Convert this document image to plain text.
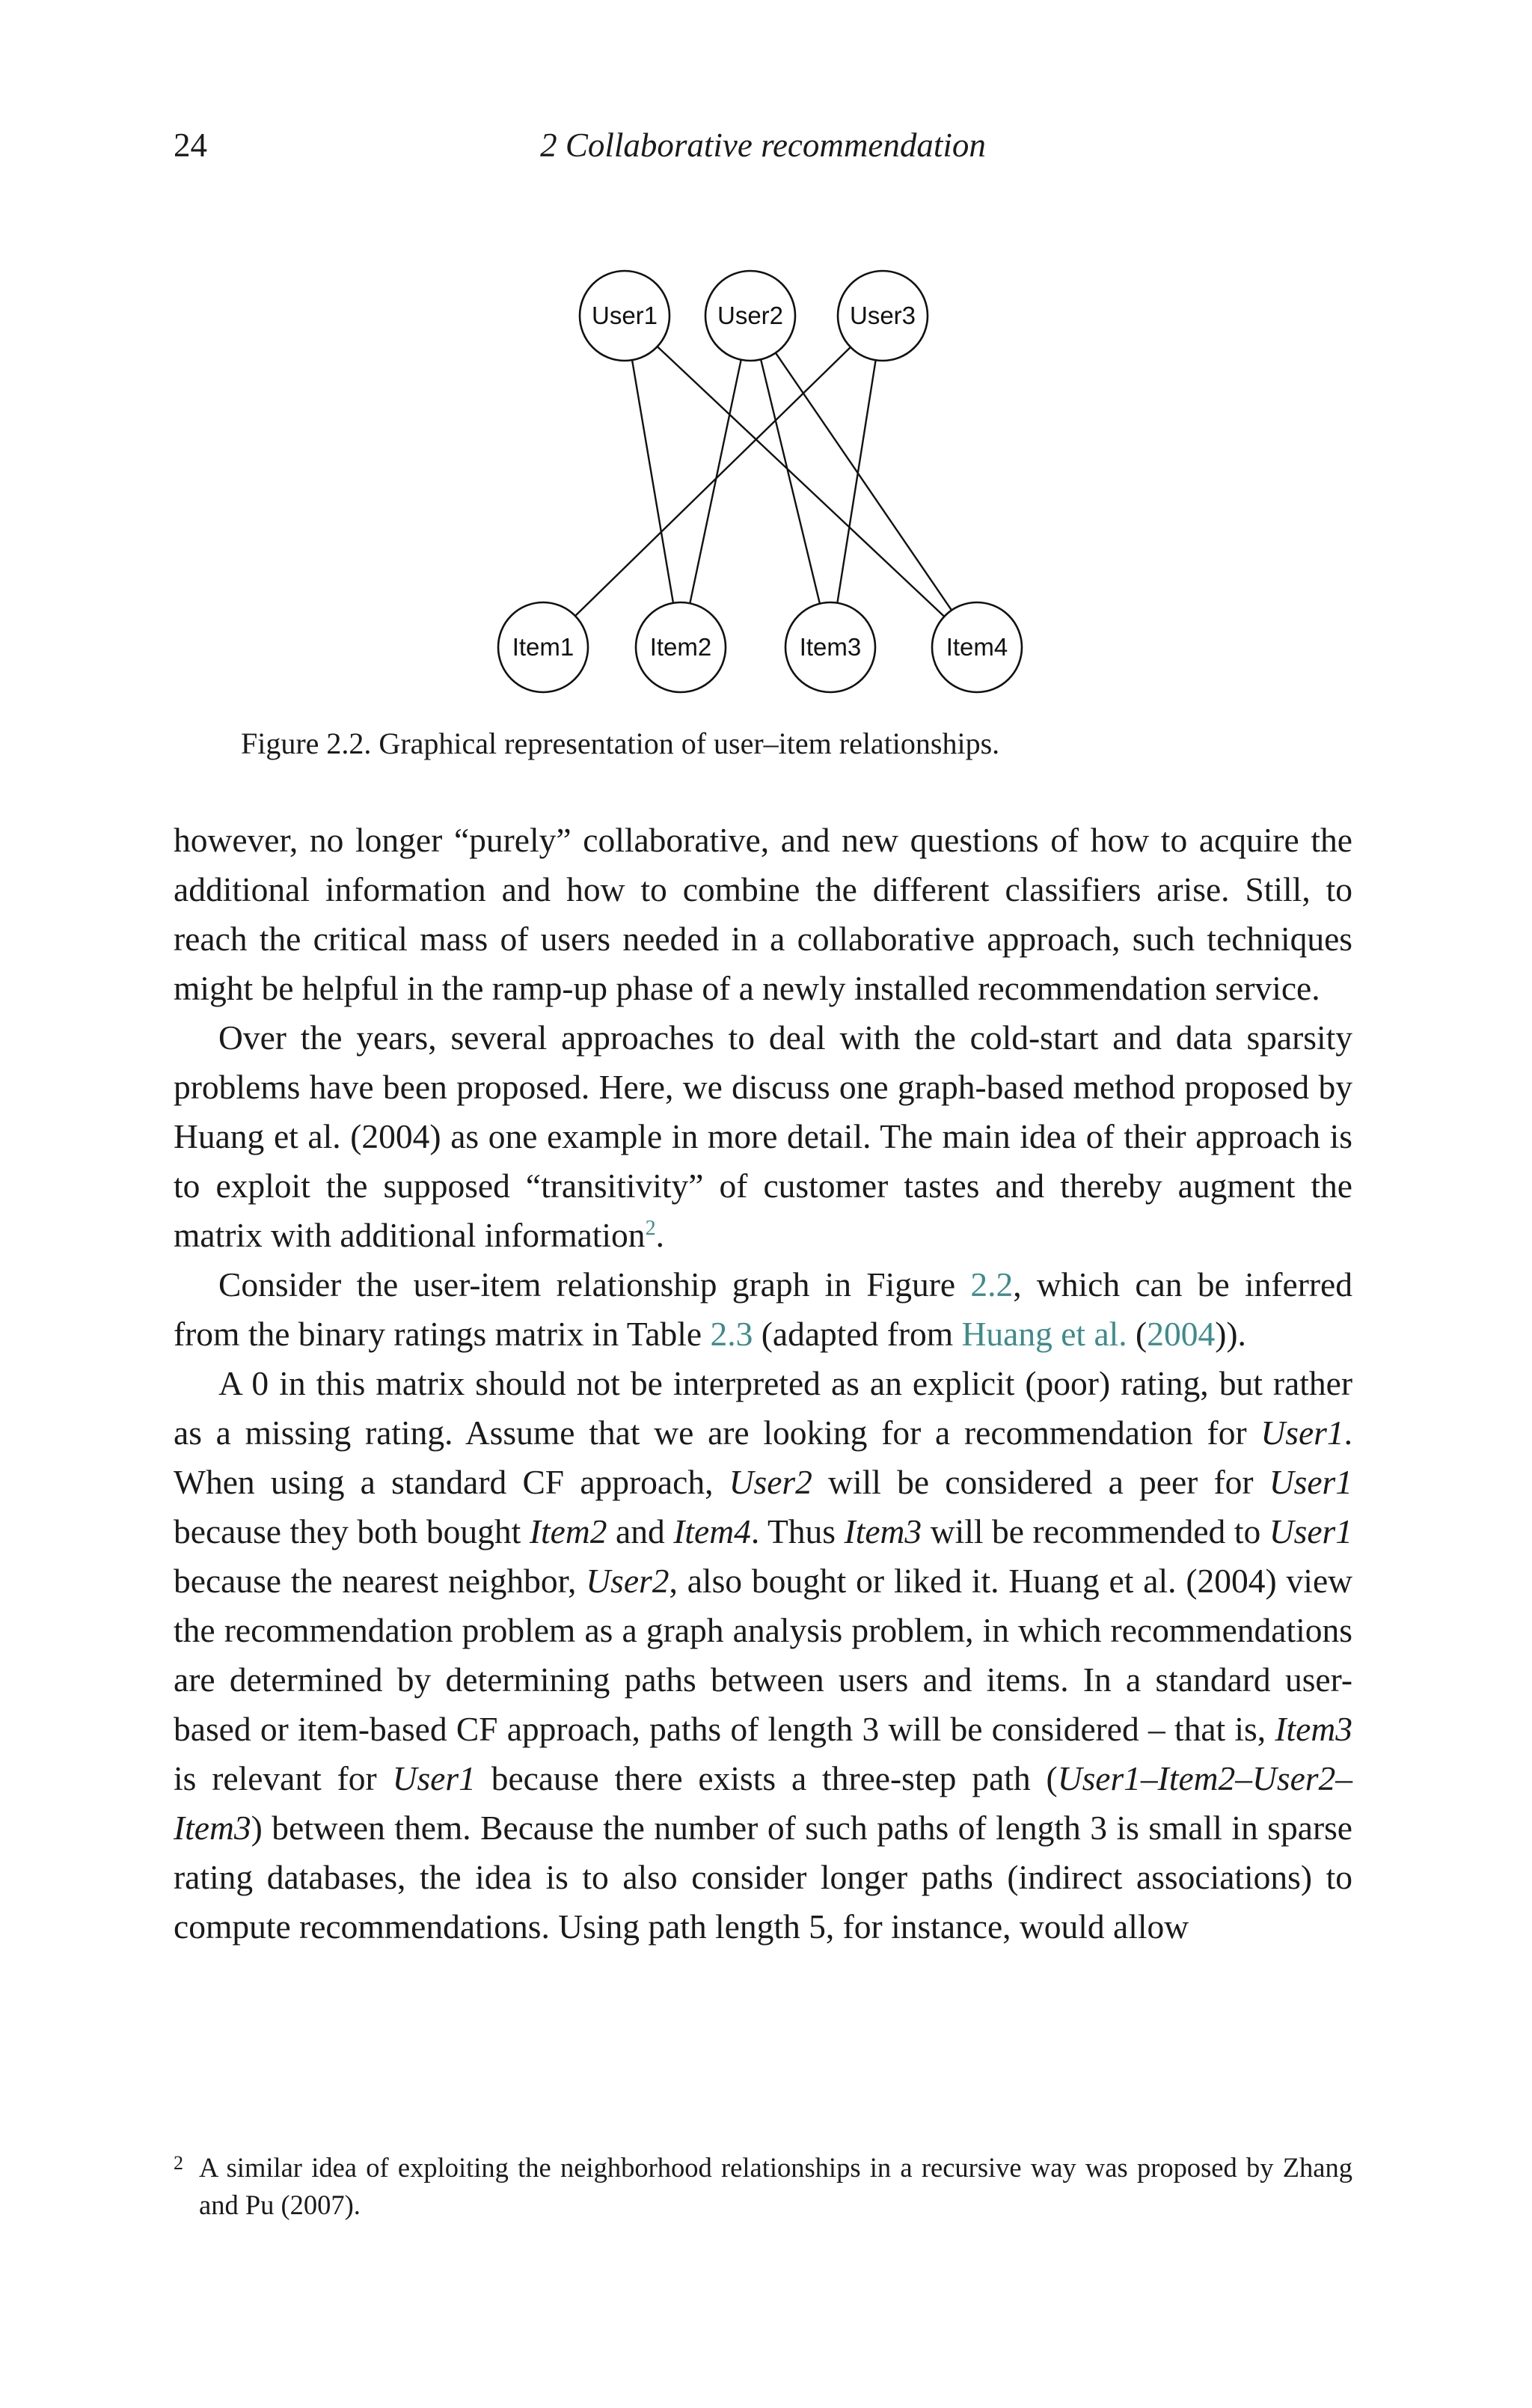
24	2 Collaborative recommendation
User1 User2	User3
Item1	Item2	Item3	Item4
Figure 2.2. Graphical representation of user–item relationships.

however, no longer “purely” collaborative, and new questions of how to acquire the additional information and how to combine the different classifiers arise. Still, to reach the critical mass of users needed in a collaborative approach, such techniques might be helpful in the ramp-up phase of a newly installed recommendation service.

Over the years, several approaches to deal with the cold-start and data sparsity problems have been proposed. Here, we discuss one graph-based method proposed by Huang et al. (2004) as one example in more detail. The main idea of their approach is to exploit the supposed “transitivity” of customer tastes and thereby augment the matrix with additional information$^2$.

Consider the user-item relationship graph in Figure 2.2, which can be inferred from the binary ratings matrix in Table 2.3 (adapted from Huang et al. (2004)).

A 0 in this matrix should not be interpreted as an explicit (poor) rating, but rather as a missing rating. Assume that we are looking for a recommendation for User1. When using a standard CF approach, User2 will be considered a peer for User1 because they both bought Item2 and Item4. Thus Item3 will be recommended to User1 because the nearest neighbor, User2, also bought or liked it. Huang et al. (2004) view the recommendation problem as a graph analysis problem, in which recommendations are determined by determining paths between users and items. In a standard user-based or item-based CF approach, paths of length 3 will be considered – that is, Item3 is relevant for User1 because there exists a three-step path (User1–Item2–User2–Item3) between them. Because the number of such paths of length 3 is small in sparse rating databases, the idea is to also consider longer paths (indirect associations) to compute recommendations. Using path length 5, for instance, would allow

2 A similar idea of exploiting the neighborhood relationships in a recursive way was proposed by Zhang and Pu (2007).
